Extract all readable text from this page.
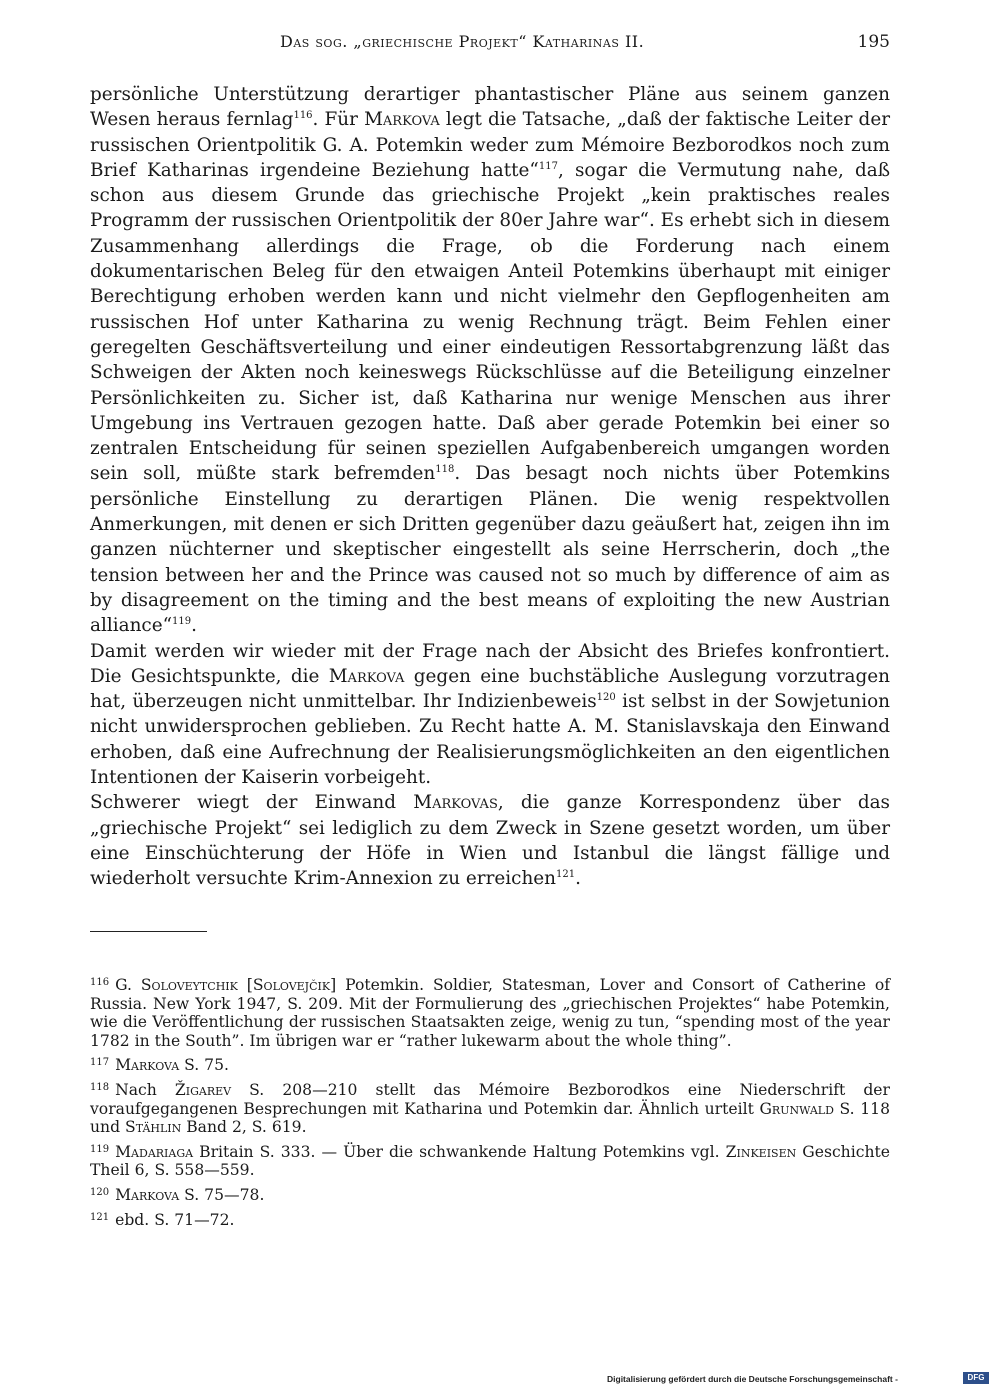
Das sog. „griechische Projekt“ Katharinas II.	195

persönliche Unterstützung derartiger phantastischer Pläne aus seinem ganzen Wesen heraus fernlag$^{116}$. Für Markova legt die Tatsache, „daß der faktische Leiter der russischen Orientpolitik G. A. Potemkin weder zum Mémoire Bezborodkos noch zum Brief Katharinas irgendeine Beziehung hatte“$^{117}$, sogar die Vermutung nahe, daß schon aus diesem Grunde das griechische Projekt „kein praktisches reales Programm der russischen Orientpolitik der 80er Jahre war“. Es erhebt sich in diesem Zusammenhang allerdings die Frage, ob die Forderung nach einem dokumentarischen Beleg für den etwaigen Anteil Potemkins überhaupt mit einiger Berechtigung erhoben werden kann und nicht vielmehr den Gepflogenheiten am russischen Hof unter Katharina zu wenig Rechnung trägt. Beim Fehlen einer geregelten Geschäftsverteilung und einer eindeutigen Ressortabgrenzung läßt das Schweigen der Akten noch keineswegs Rückschlüsse auf die Beteiligung einzelner Persönlichkeiten zu. Sicher ist, daß Katharina nur wenige Menschen aus ihrer Umgebung ins Vertrauen gezogen hatte. Daß aber gerade Potemkin bei einer so zentralen Entscheidung für seinen speziellen Aufgabenbereich umgangen worden sein soll, müßte stark befremden$^{118}$. Das besagt noch nichts über Potemkins persönliche Einstellung zu derartigen Plänen. Die wenig respektvollen Anmerkungen, mit denen er sich Dritten gegenüber dazu geäußert hat, zeigen ihn im ganzen nüchterner und skeptischer eingestellt als seine Herrscherin, doch „the tension between her and the Prince was caused not so much by difference of aim as by disagreement on the timing and the best means of exploiting the new Austrian alliance“$^{119}$.

Damit werden wir wieder mit der Frage nach der Absicht des Briefes konfrontiert. Die Gesichtspunkte, die Markova gegen eine buchstäbliche Auslegung vorzutragen hat, überzeugen nicht unmittelbar. Ihr Indizienbeweis$^{120}$ ist selbst in der Sowjetunion nicht unwidersprochen geblieben. Zu Recht hatte A. M. Stanislavskaja den Einwand erhoben, daß eine Aufrechnung der Realisierungsmöglichkeiten an den eigentlichen Intentionen der Kaiserin vorbeigeht.

Schwerer wiegt der Einwand Markovas, die ganze Korrespondenz über das „griechische Projekt“ sei lediglich zu dem Zweck in Szene gesetzt worden, um über eine Einschüchterung der Höfe in Wien und Istanbul die längst fällige und wiederholt versuchte Krim-Annexion zu erreichen$^{121}$.

$^{116}$ G. Soloveytchik [Solovejčik] Potemkin. Soldier, Statesman, Lover and Consort of Catherine of Russia. New York 1947, S. 209. Mit der Formulierung des „griechischen Projektes“ habe Potemkin, wie die Veröffentlichung der russischen Staatsakten zeige, wenig zu tun, “spending most of the year 1782 in the South”. Im übrigen war er “rather lukewarm about the whole thing”.

$^{117}$ Markova S. 75.

$^{118}$ Nach Žigarev S. 208—210 stellt das Mémoire Bezborodkos eine Niederschrift der voraufgegangenen Besprechungen mit Katharina und Potemkin dar. Ähnlich urteilt Grunwald S. 118 und Stählin Band 2, S. 619.

$^{119}$ Madariaga Britain S. 333. — Über die schwankende Haltung Potemkins vgl. Zinkeisen Geschichte Theil 6, S. 558—559.

$^{120}$ Markova S. 75—78.

$^{121}$ ebd. S. 71—72.

Digitalisierung gefördert durch die Deutsche Forschungsgemeinschaft -	DFG
